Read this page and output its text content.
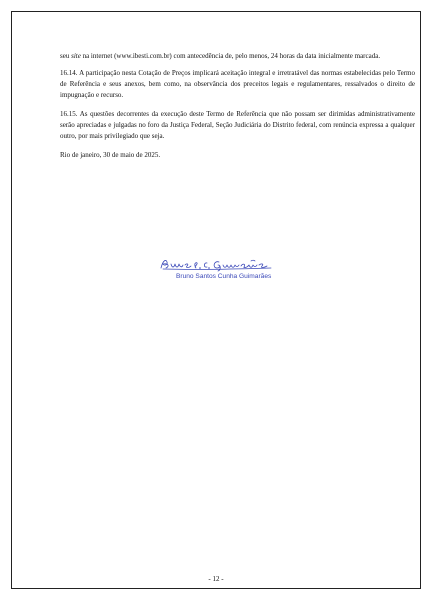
seu site na internet (www.ibesti.com.br) com antecedência de, pelo menos, 24 horas da data inicialmente marcada.

16.14. A participação nesta Cotação de Preços implicará aceitação integral e irretratável das normas estabelecidas pelo Termo de Referência e seus anexos, bem como, na observância dos preceitos legais e regulamentares, ressalvados o direito de impugnação e recurso.

16.15. As questões decorrentes da execução deste Termo de Referência que não possam ser dirimidas administrativamente serão apreciadas e julgadas no foro da Justiça Federal, Seção Judiciária do Distrito federal, com renúncia expressa a qualquer outro, por mais privilegiado que seja.

Rio de janeiro, 30 de maio de 2025.

Bruno Santos Cunha Guimarães
- 12 -
